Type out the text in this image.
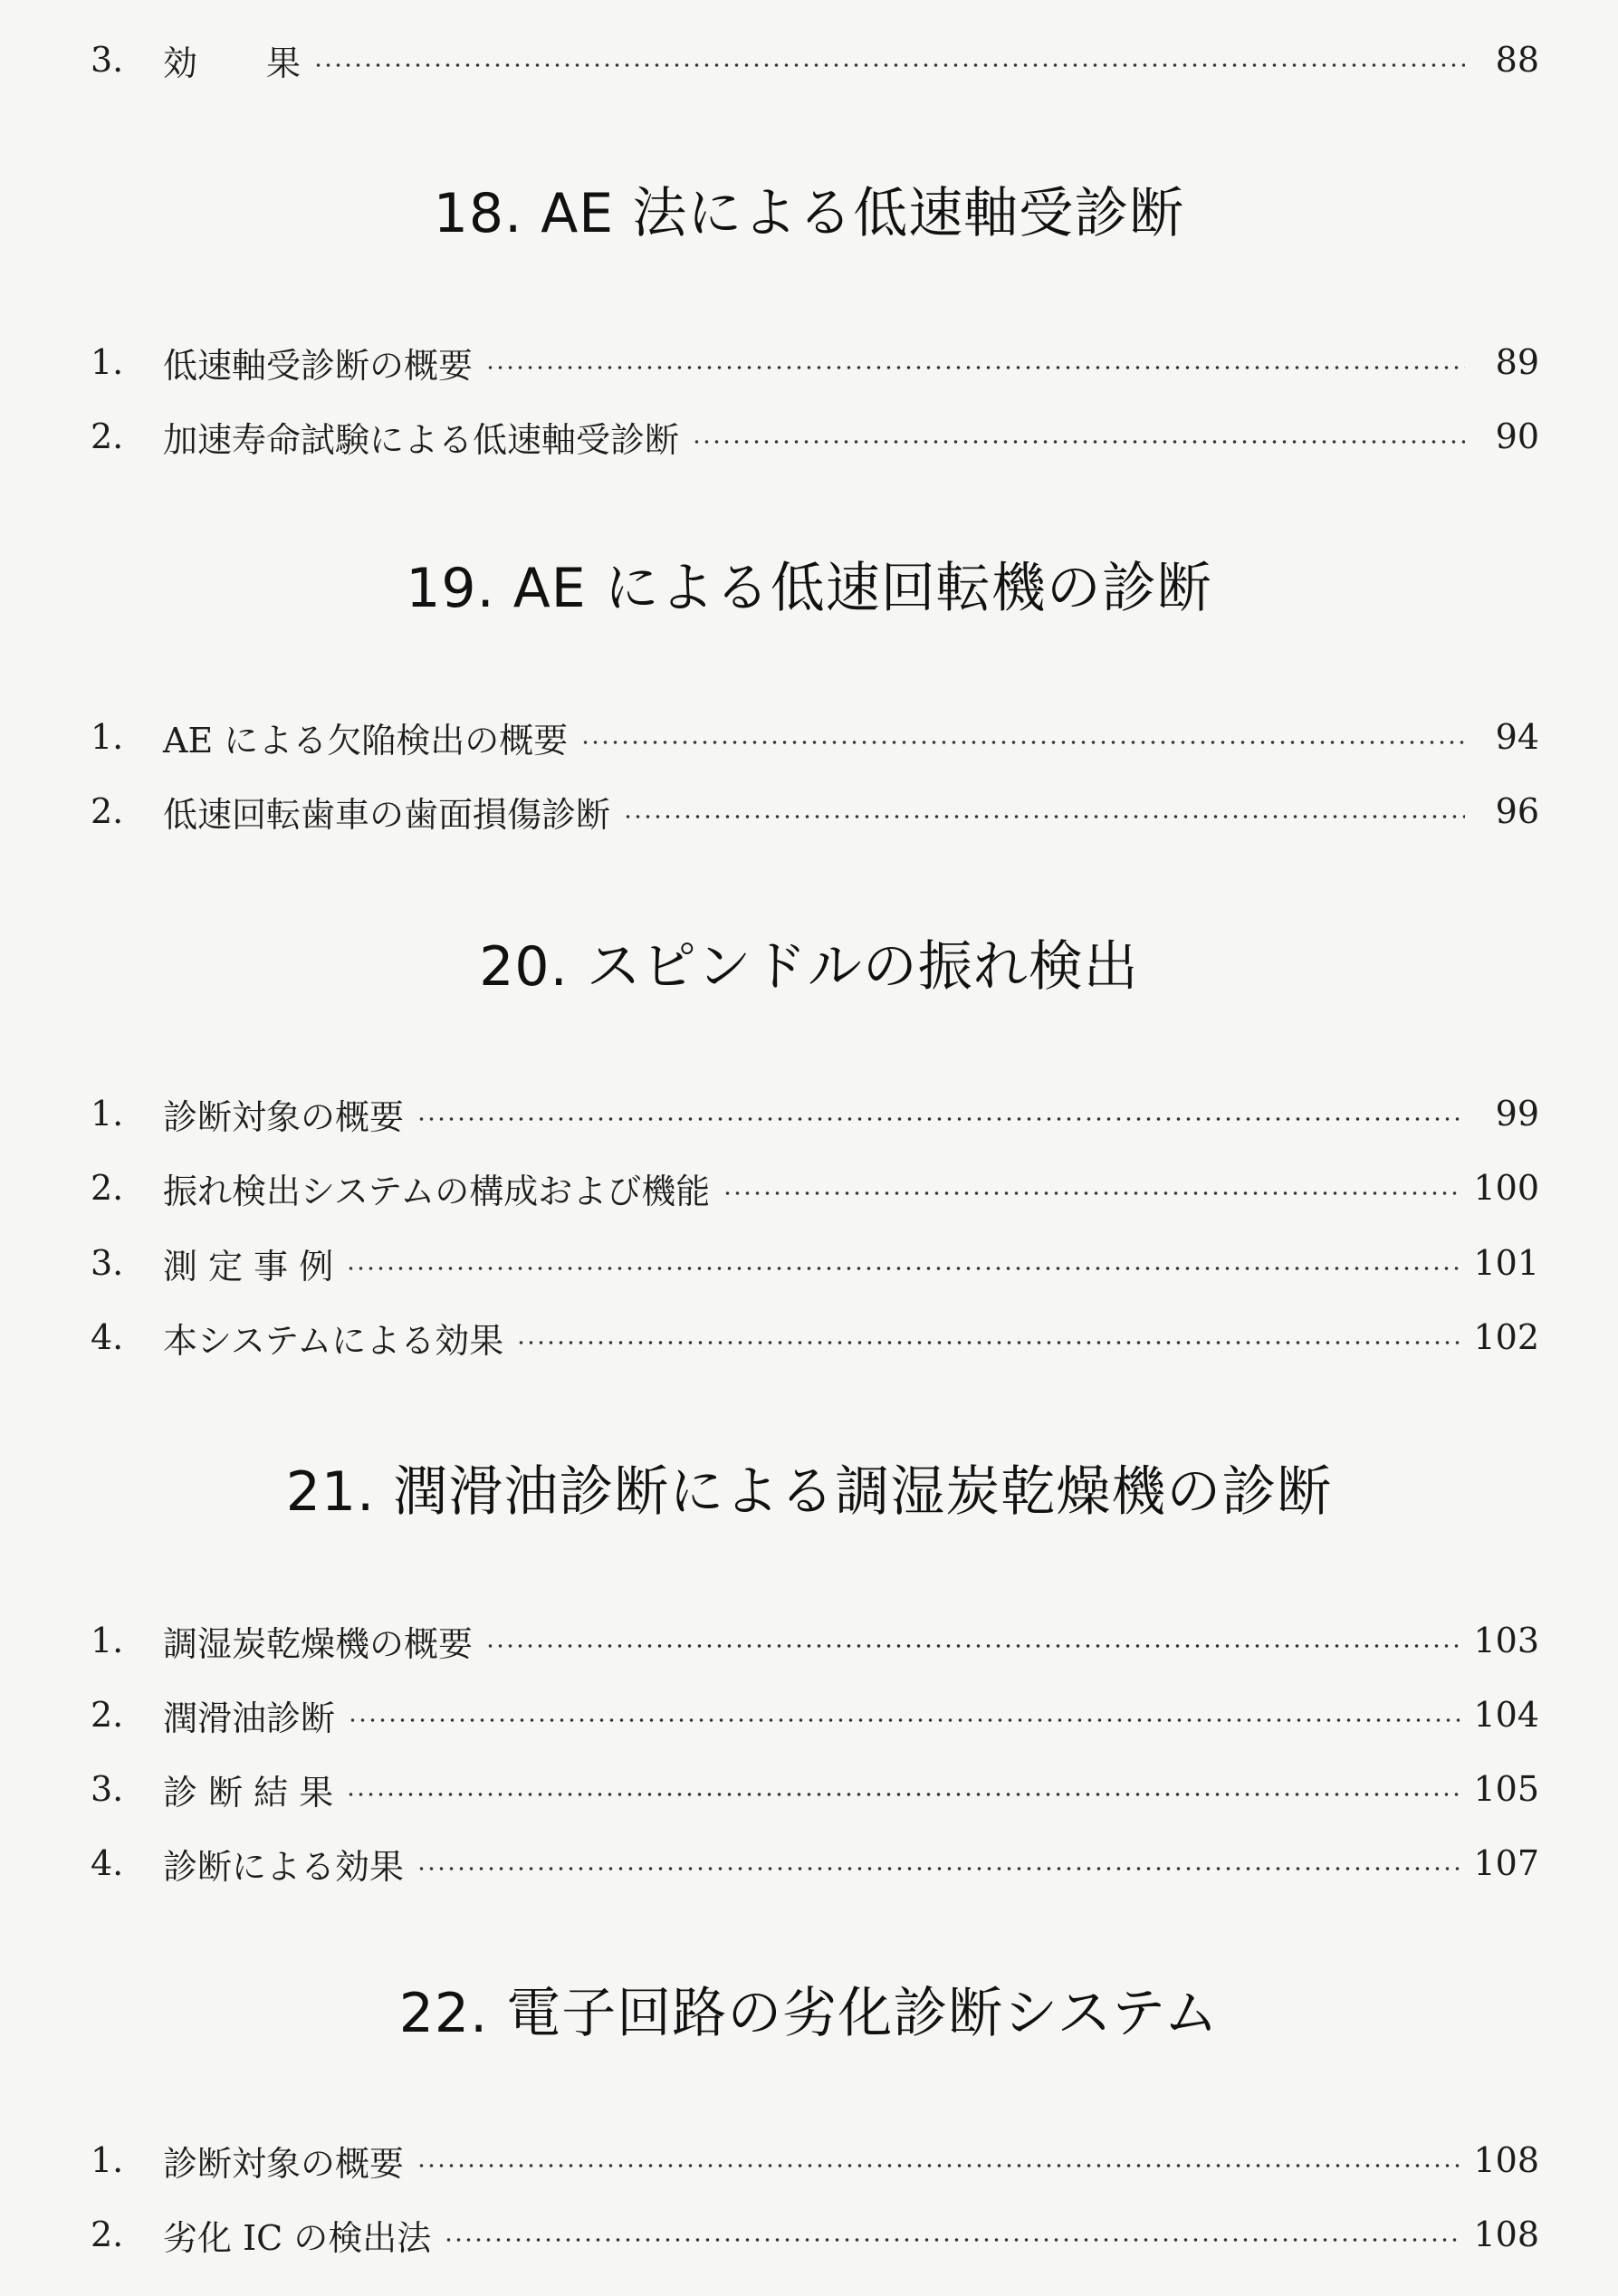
3.	効　　果	88
18. AE 法による低速軸受診断
1.	低速軸受診断の概要	89
2.	加速寿命試験による低速軸受診断	90
19. AE による低速回転機の診断
1.	AE による欠陥検出の概要	94
2.	低速回転歯車の歯面損傷診断	96
20. スピンドルの振れ検出
1.	診断対象の概要	99
2.	振れ検出システムの構成および機能	100
3.	測 定 事 例	101
4.	本システムによる効果	102
21. 潤滑油診断による調湿炭乾燥機の診断
1.	調湿炭乾燥機の概要	103
2.	潤滑油診断	104
3.	診 断 結 果	105
4.	診断による効果	107
22. 電子回路の劣化診断システム
1.	診断対象の概要	108
2.	劣化 IC の検出法	108
